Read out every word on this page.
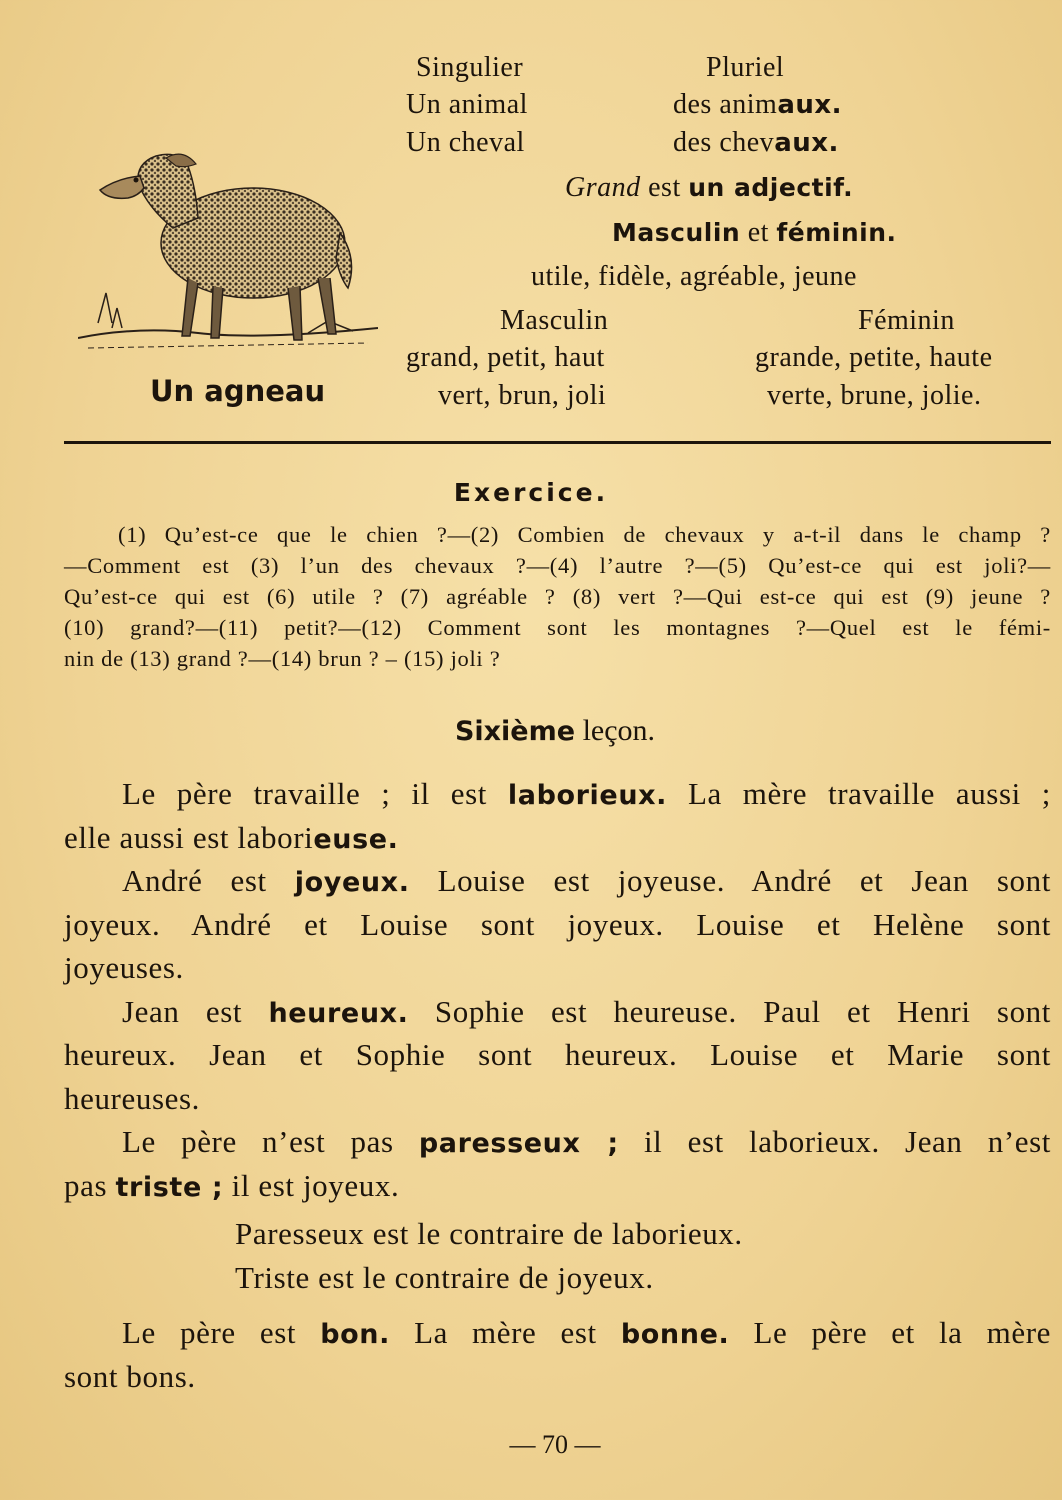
Singulier	Pluriel
Un animal	des animaux.
Un cheval	des chevaux.
Grand est un adjectif.
Masculin et féminin.
utile, fidèle, agréable, jeune
Masculin	Féminin
grand, petit, haut	grande, petite, haute
vert, brun, joli	verte, brune, jolie.
Un agneau
Exercice.
(1) Qu’est-ce que le chien ?—(2) Combien de chevaux y a-t-il dans le champ ?
—Comment est (3) l’un des chevaux ?—(4) l’autre ?—(5) Qu’est-ce qui est joli?—
Qu’est-ce qui est (6) utile ? (7) agréable ? (8) vert ?—Qui est-ce qui est (9) jeune ?
(10) grand?—(11) petit?—(12) Comment sont les montagnes ?—Quel est le fémi-
nin de (13) grand ?—(14) brun ? – (15) joli ?
Sixième leçon.
Le père travaille ; il est laborieux. La mère travaille aussi ;
elle aussi est laborieuse.
André est joyeux. Louise est joyeuse. André et Jean sont
joyeux. André et Louise sont joyeux. Louise et Helène sont
joyeuses.
Jean est heureux. Sophie est heureuse. Paul et Henri sont
heureux. Jean et Sophie sont heureux. Louise et Marie sont
heureuses.
Le père n’est pas paresseux ; il est laborieux. Jean n’est
pas triste ; il est joyeux.
Paresseux est le contraire de laborieux.
Triste est le contraire de joyeux.
Le père est bon. La mère est bonne. Le père et la mère
sont bons.
— 70 —
